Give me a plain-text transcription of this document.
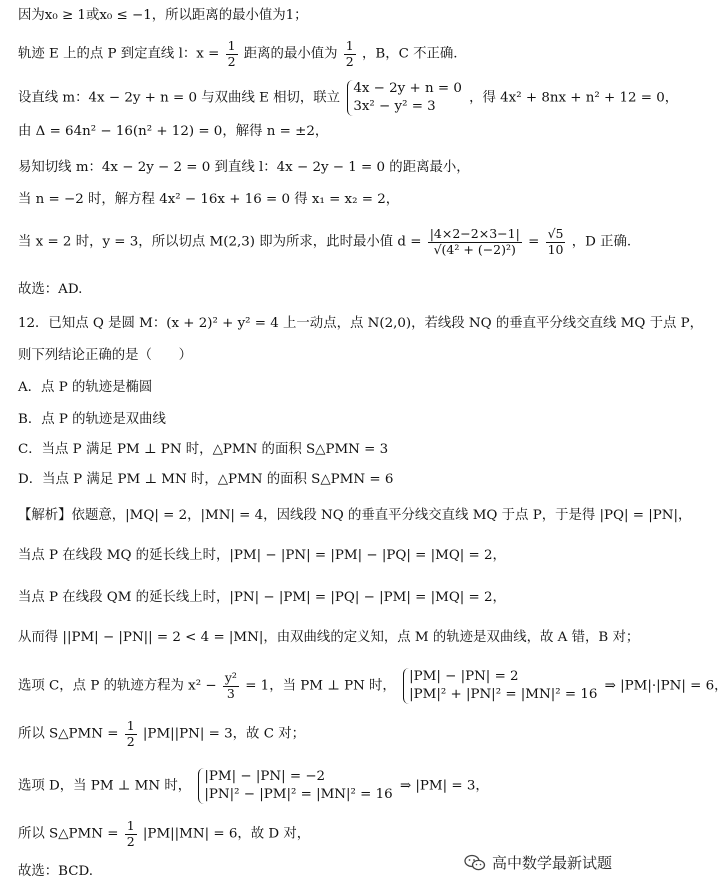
因为x₀ ≥ 1或x₀ ≤ −1，所以距离的最小值为1；
轨迹 E 上的点 P 到定直线 l：$x = \frac{1}{2}$ 距离的最小值为 $\frac{1}{2}$ ，B，C 不正确.
设直线 m：4x − 2y + n = 0 与双曲线 E 相切，联立
4x − 2y + n = 0
3x² − y² = 3
，得 4x² + 8nx + n² + 12 = 0，
由 Δ = 64n² − 16(n² + 12) = 0，解得 n = ±2，
易知切线 m：4x − 2y − 2 = 0 到直线 l：4x − 2y − 1 = 0 的距离最小，
当 n = −2 时，解方程 4x² − 16x + 16 = 0 得 x₁ = x₂ = 2，
当 x = 2 时，y = 3，所以切点 M(2,3) 即为所求，此时最小值 $d = \frac{|4\times 2-2\times 3-1|}{\text{√(4² + (−2)²)}} = \frac{√5}{10}$ ，D 正确.
故选：AD.
12．已知点 Q 是圆 M：(x + 2)² + y² = 4 上一动点，点 N(2,0)，若线段 NQ 的垂直平分线交直线 MQ 于点 P，
则下列结论正确的是（　　）
A．点 P 的轨迹是椭圆
B．点 P 的轨迹是双曲线
C．当点 P 满足 PM ⊥ PN 时，△PMN 的面积 S△PMN = 3
D．当点 P 满足 PM ⊥ MN 时，△PMN 的面积 S△PMN = 6
【解析】依题意，|MQ| = 2，|MN| = 4，因线段 NQ 的垂直平分线交直线 MQ 于点 P，于是得 |PQ| = |PN|，
当点 P 在线段 MQ 的延长线上时，|PM| − |PN| = |PM| − |PQ| = |MQ| = 2，
当点 P 在线段 QM 的延长线上时，|PN| − |PM| = |PQ| − |PM| = |MQ| = 2，
从而得 ||PM| − |PN|| = 2 < 4 = |MN|，由双曲线的定义知，点 M 的轨迹是双曲线，故 A 错，B 对；
选项 C，点 P 的轨迹方程为 $x^2 - \frac{\text{y²}}{3} = 1$，当 PM ⊥ PN 时，
|PM| − |PN| = 2
|PM|² + |PN|² = |MN|² = 16
⇒ |PM|·|PN| = 6，
所以 S△PMN = $\frac{1}{2} |PM||PN| = 3$，故 C 对；
选项 D，当 PM ⊥ MN 时，
|PM| − |PN| = −2
|PN|² − |PM|² = |MN|² = 16
⇒ |PM| = 3，
所以 S△PMN = $\frac{1}{2} |PM||MN| = 6$，故 D 对，
故选：BCD.	高中数学最新试题
